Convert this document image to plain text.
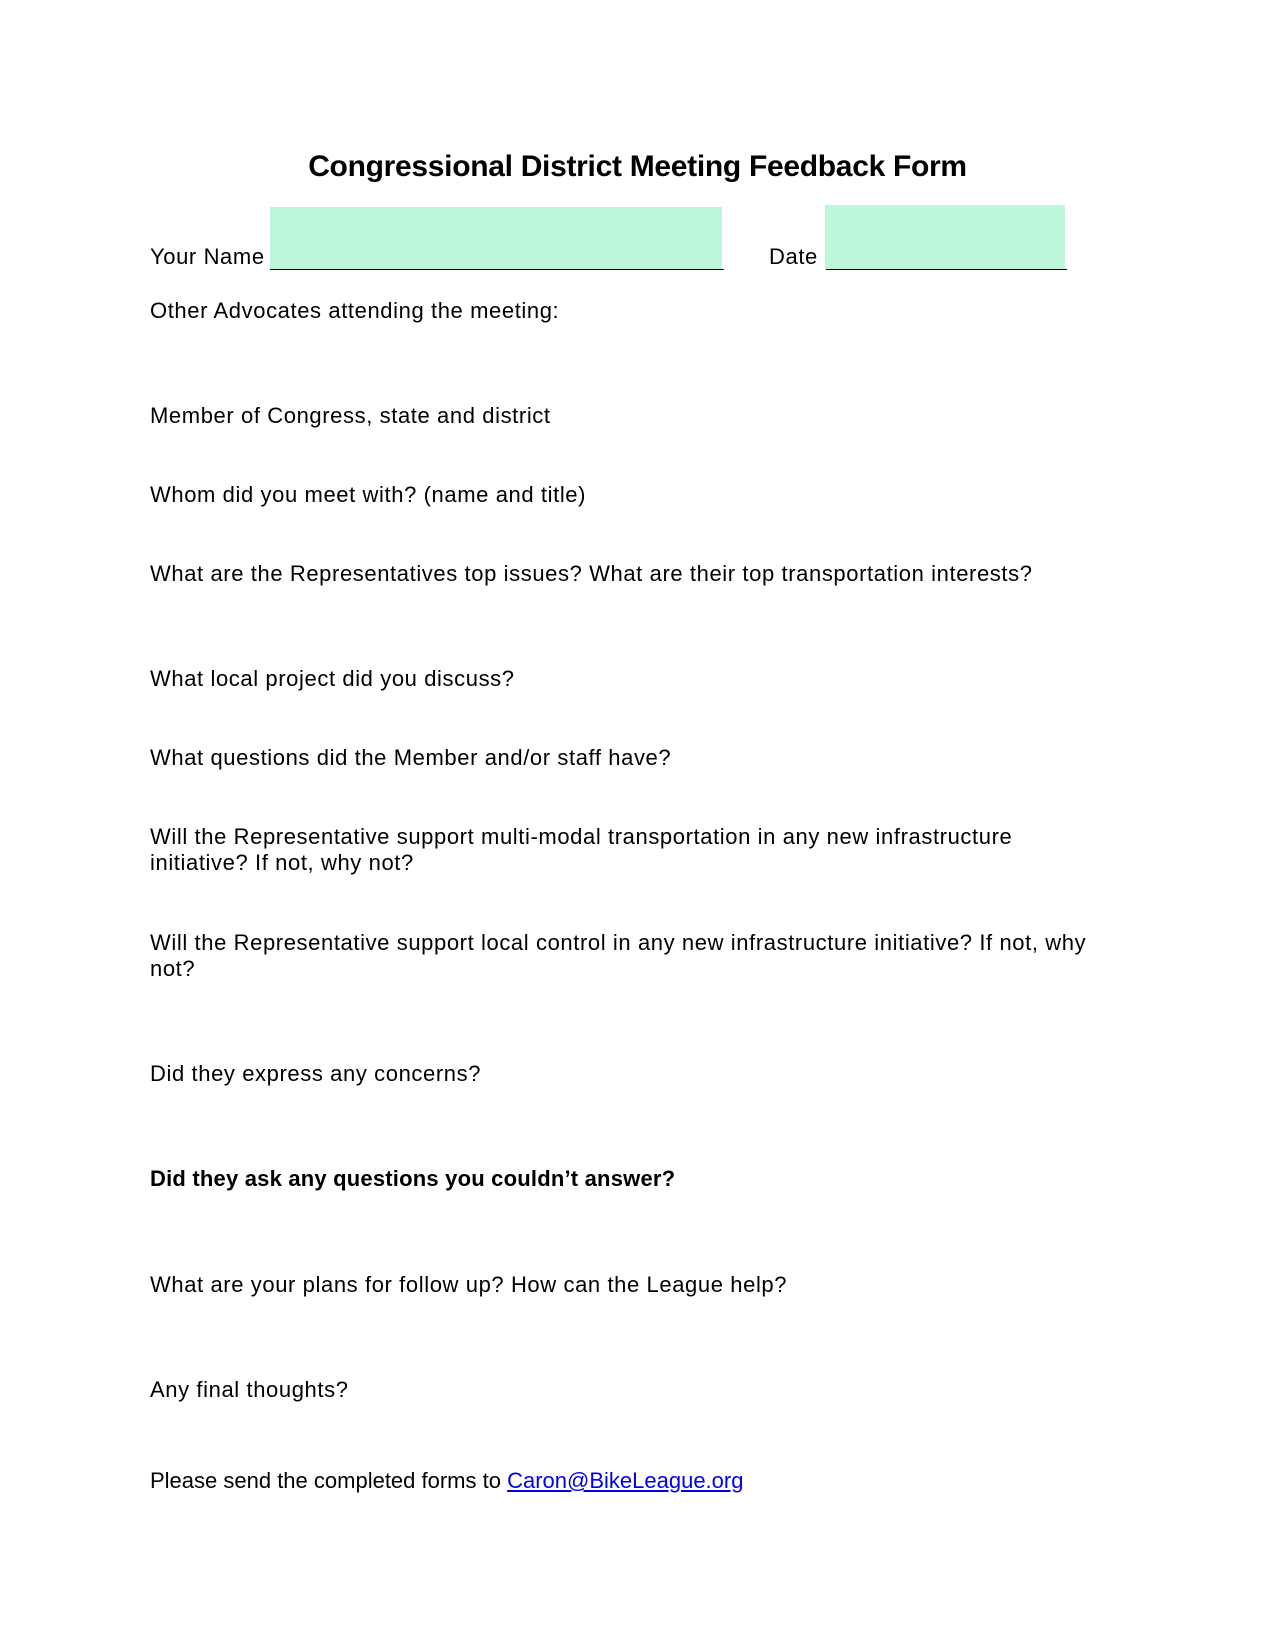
Congressional District Meeting Feedback Form
Your Name	Date
Other Advocates attending the meeting:
Member of Congress, state and district
Whom did you meet with? (name and title)
What are the Representatives top issues? What are their top transportation interests?
What local project did you discuss?
What questions did the Member and/or staff have?
Will the Representative support multi-modal transportation in any new infrastructure initiative? If not, why not?
Will the Representative support local control in any new infrastructure initiative? If not, why not?
Did they express any concerns?
Did they ask any questions you couldn’t answer?
What are your plans for follow up? How can the League help?
Any final thoughts?
Please send the completed forms to Caron@BikeLeague.org
